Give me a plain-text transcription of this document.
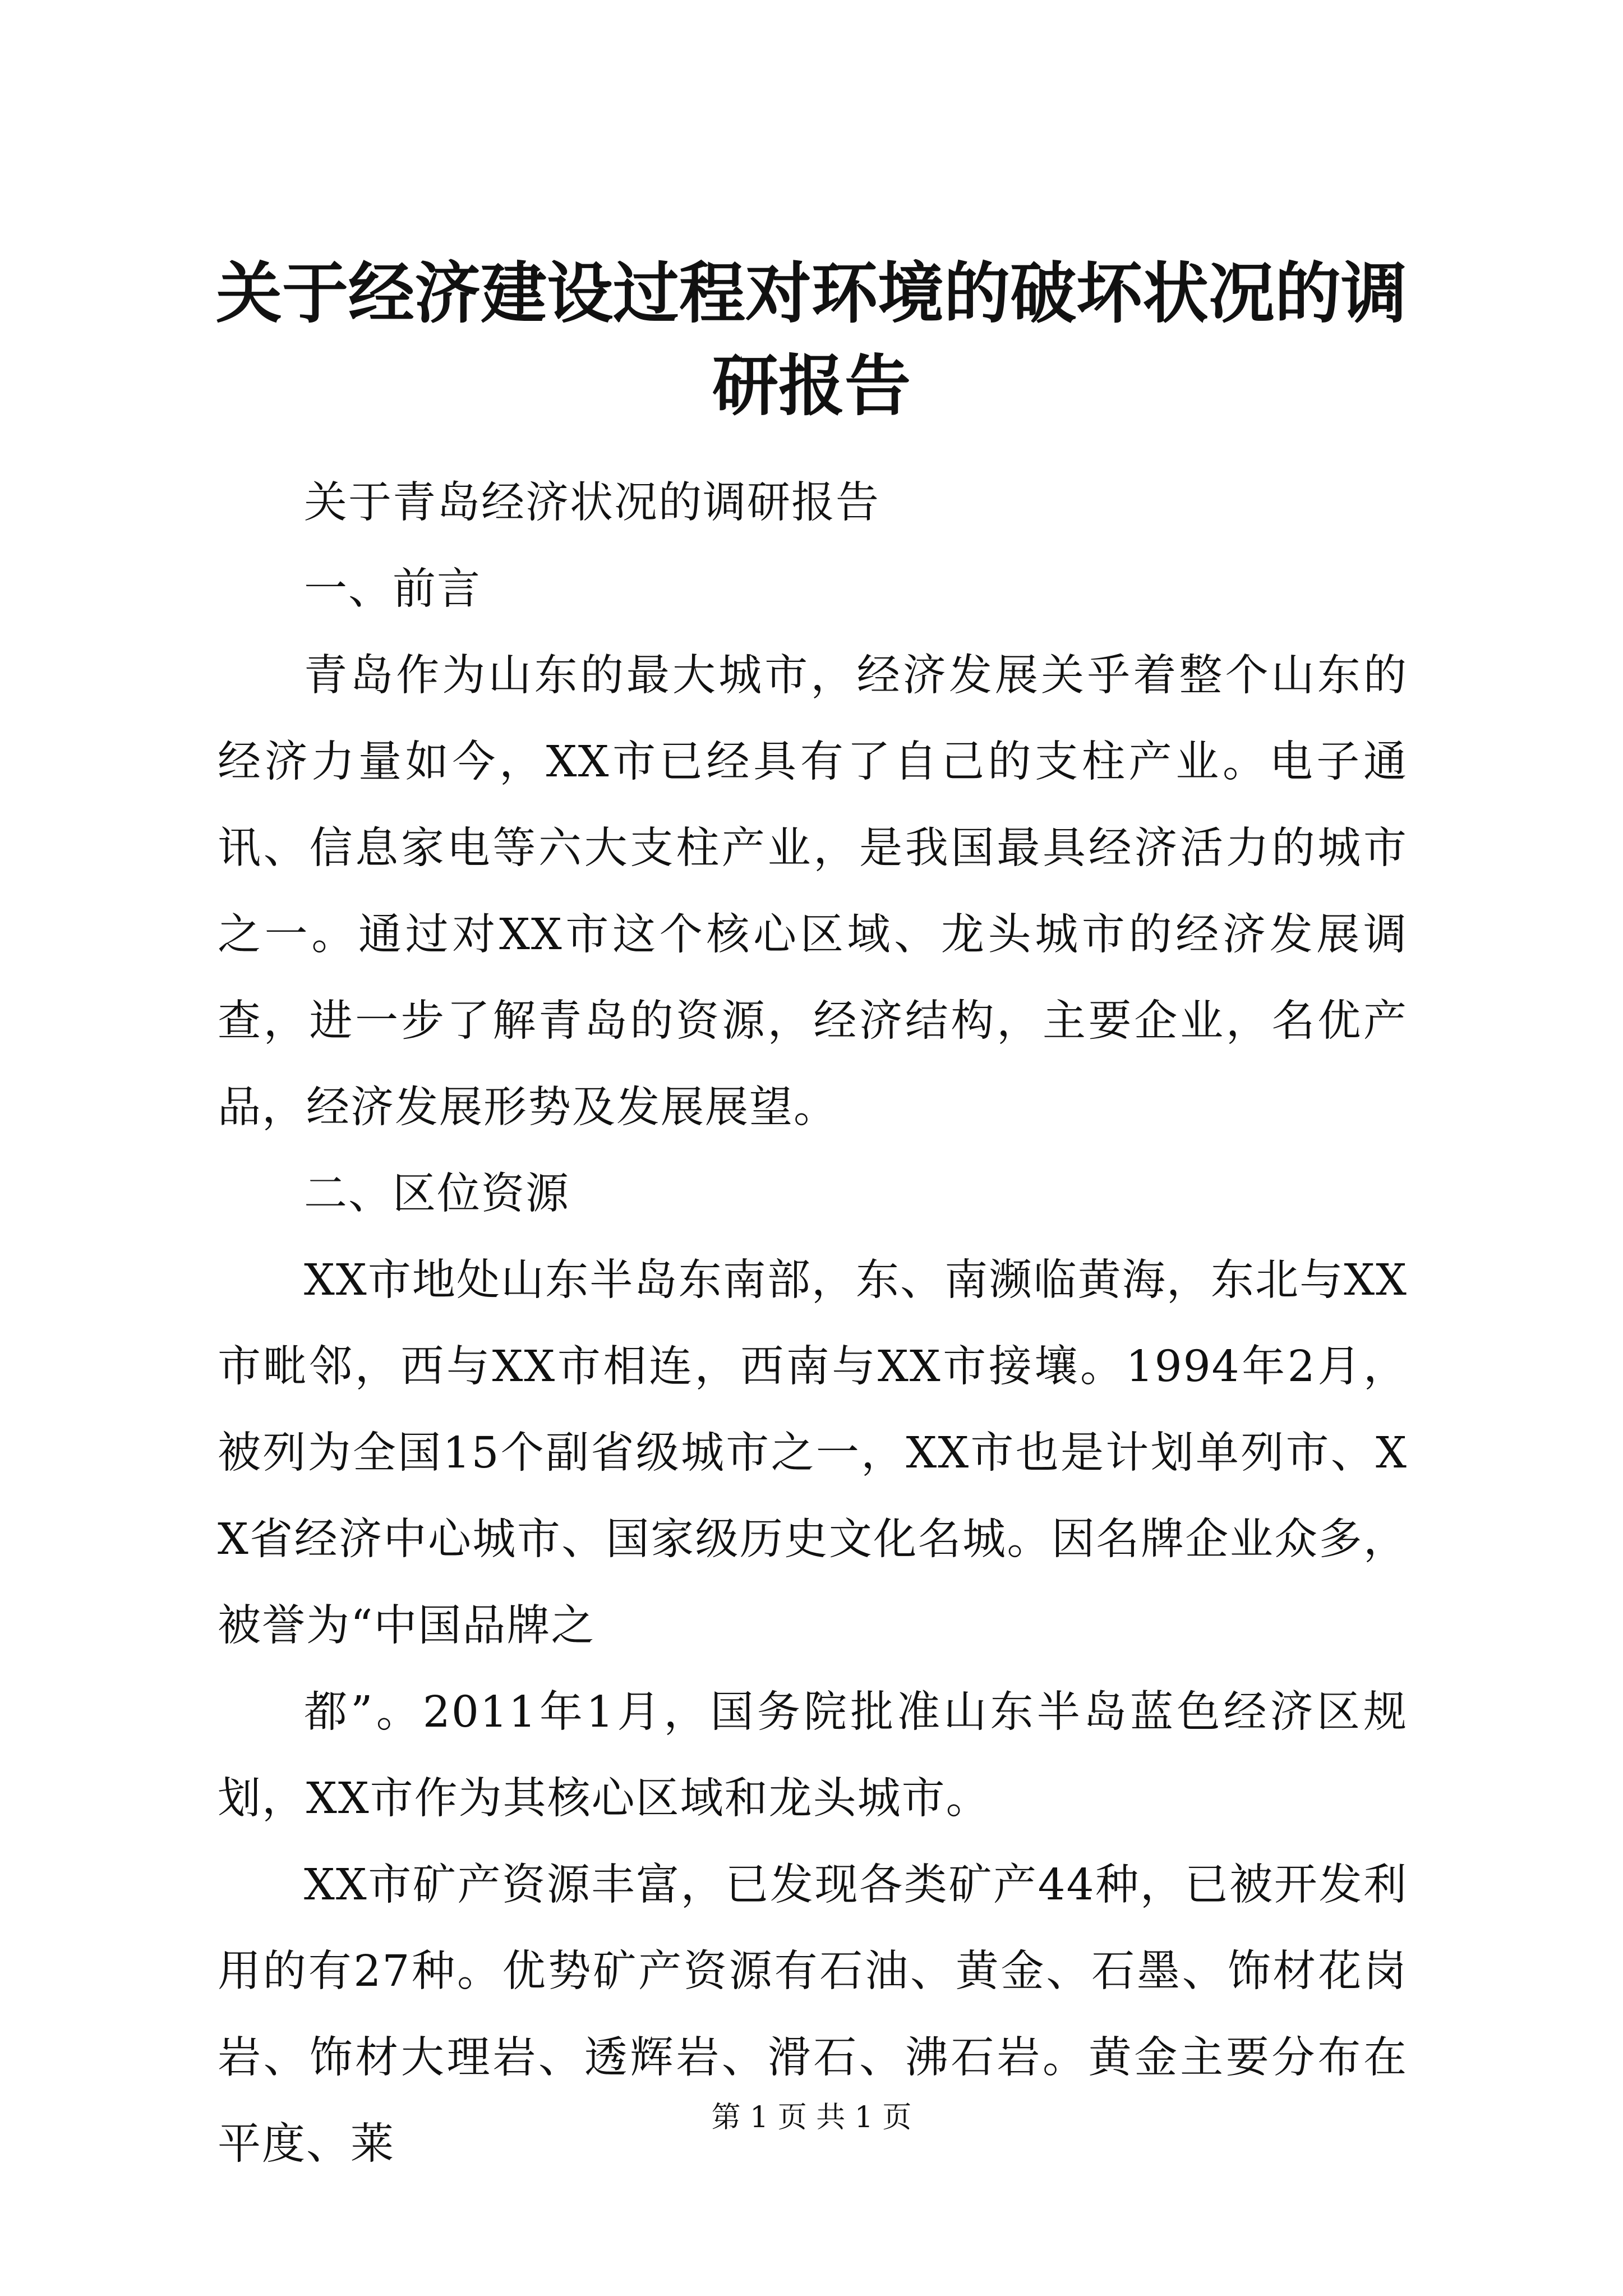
关于经济建设过程对环境的破坏状况的调研报告

关于青岛经济状况的调研报告

一、前言

青岛作为山东的最大城市，经济发展关乎着整个山东的经济力量如今，XX市已经具有了自己的支柱产业。电子通讯、信息家电等六大支柱产业，是我国最具经济活力的城市之一。通过对XX市这个核心区域、龙头城市的经济发展调查，进一步了解青岛的资源，经济结构，主要企业，名优产品，经济发展形势及发展展望。

二、区位资源

XX市地处山东半岛东南部，东、南濒临黄海，东北与XX市毗邻，西与XX市相连，西南与XX市接壤。1994年2月，被列为全国15个副省级城市之一，XX市也是计划单列市、XX省经济中心城市、国家级历史文化名城。因名牌企业众多，被誉为“中国品牌之

都”。2011年1月，国务院批准山东半岛蓝色经济区规划，XX市作为其核心区域和龙头城市。

XX市矿产资源丰富，已发现各类矿产44种，已被开发利用的有27种。优势矿产资源有石油、黄金、石墨、饰材花岗岩、饰材大理岩、透辉岩、滑石、沸石岩。黄金主要分布在平度、莱

第 1 页 共 1 页
